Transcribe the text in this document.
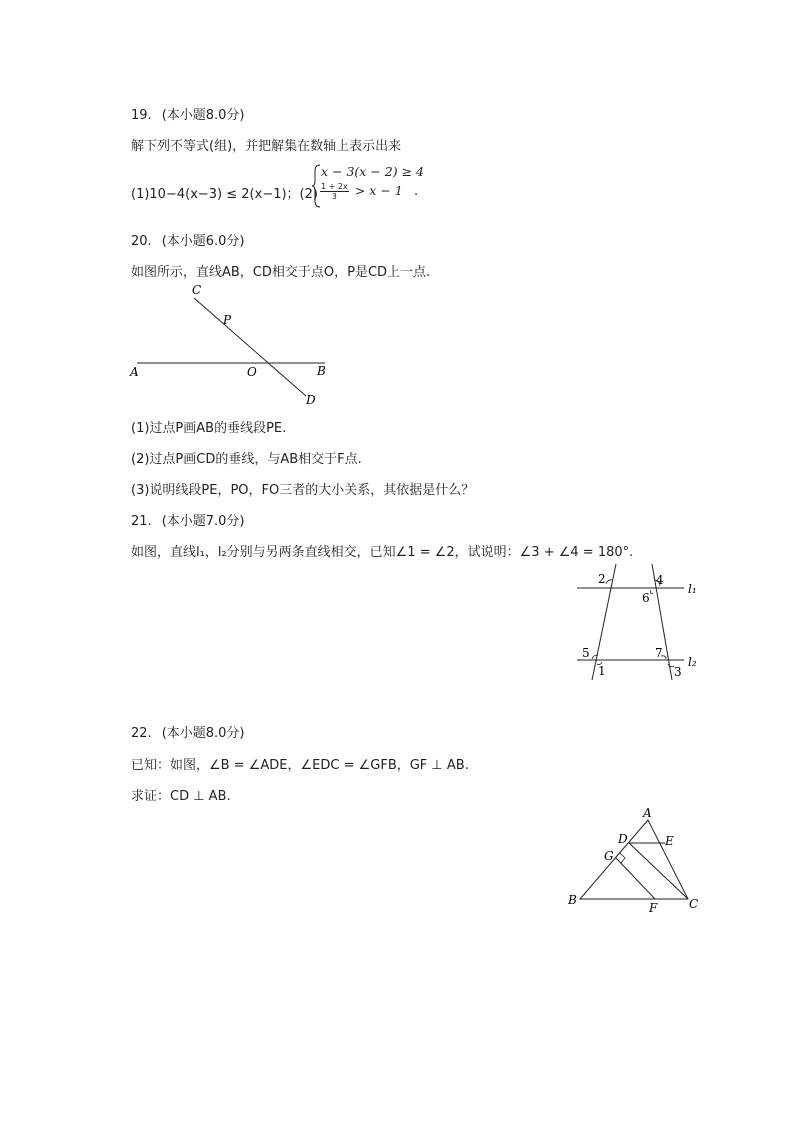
19. (本小题8.0分)
解下列不等式(组)，并把解集在数轴上表示出来
(1)10−4(x−3) ≤ 2(x−1)；(2)
x − 3(x − 2) ≥ 4
$\frac{1 + 2x}{3} > x - 1$ .
20. (本小题6.0分)
如图所示，直线AB，CD相交于点O，P是CD上一点.
C
P
A	O	B
D
(1)过点P画AB的垂线段PE.
(2)过点P画CD的垂线，与AB相交于F点.
(3)说明线段PE，PO，FO三者的大小关系，其依据是什么？
21. (本小题7.0分)
如图，直线l₁，l₂分别与另两条直线相交，已知∠1 = ∠2，试说明：∠3 + ∠4 = 180°.
2	4
6
l₁
5	7
l₂
1	3
22. (本小题8.0分)
已知：如图，∠B = ∠ADE，∠EDC = ∠GFB，GF ⊥ AB.
求证：CD ⊥ AB.
A
D	E
G
B
F	C
